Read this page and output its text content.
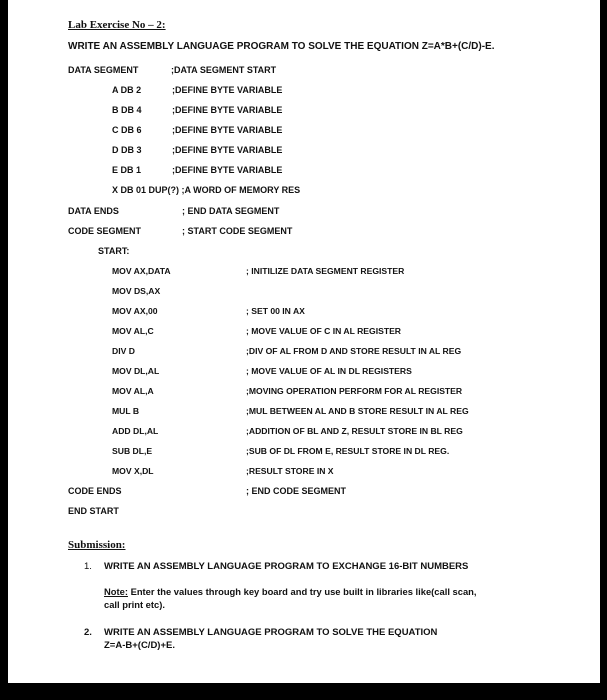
Lab Exercise No – 2:
WRITE AN ASSEMBLY LANGUAGE PROGRAM TO SOLVE THE EQUATION Z=A*B+(C/D)-E.
DATA SEGMENT	;DATA SEGMENT START
A DB 2	;DEFINE BYTE VARIABLE
B DB 4	;DEFINE BYTE VARIABLE
C DB 6	;DEFINE BYTE VARIABLE
D DB 3	;DEFINE BYTE VARIABLE
E DB 1	;DEFINE BYTE VARIABLE
X DB 01 DUP(?) ;A WORD OF MEMORY RES
DATA ENDS	; END DATA SEGMENT
CODE SEGMENT	; START CODE SEGMENT
START:
MOV AX,DATA	; INITILIZE DATA SEGMENT REGISTER
MOV DS,AX
MOV AX,00	; SET 00 IN AX
MOV AL,C	; MOVE VALUE OF C IN AL REGISTER
DIV D	;DIV OF AL FROM D AND STORE RESULT IN AL REG
MOV DL,AL	; MOVE VALUE OF AL IN DL REGISTERS
MOV AL,A	;MOVING OPERATION PERFORM FOR AL REGISTER
MUL B	;MUL BETWEEN AL AND B STORE RESULT IN AL REG
ADD DL,AL	;ADDITION OF BL AND Z, RESULT STORE IN BL REG
SUB DL,E	;SUB OF DL FROM E, RESULT STORE IN DL REG.
MOV X,DL	;RESULT STORE IN X
CODE ENDS	; END CODE SEGMENT
END START
Submission:
1. WRITE AN ASSEMBLY LANGUAGE PROGRAM TO EXCHANGE 16-BIT NUMBERS
Note: Enter the values through key board and try use built in libraries like(call scan,
call print etc).
2. WRITE AN ASSEMBLY LANGUAGE PROGRAM TO SOLVE THE EQUATION
Z=A-B+(C/D)+E.
